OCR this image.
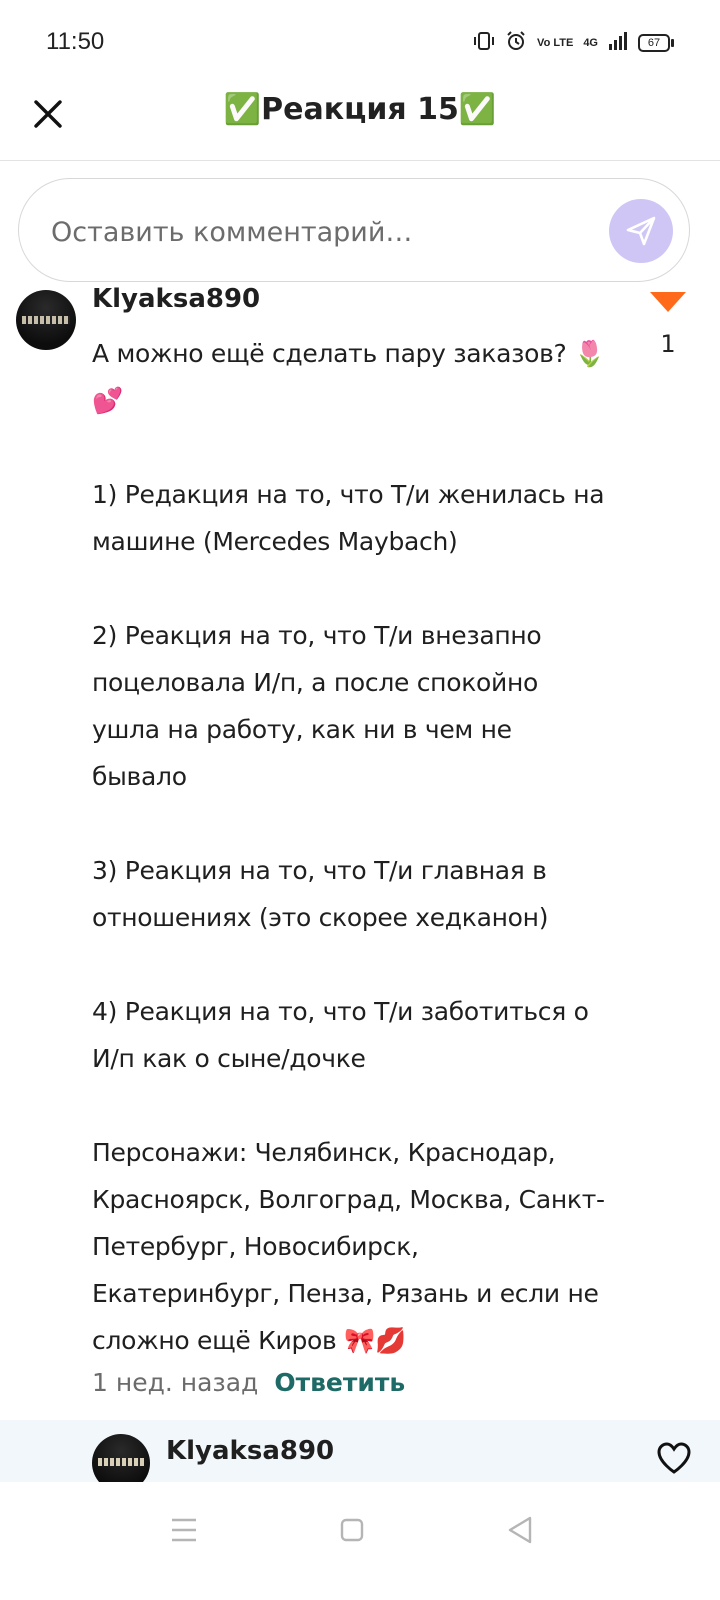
11:50	Vo LTE 4G	67
✅Реакция 15✅
Оставить комментарий…
Klyaksa890
А можно ещё сделать пару заказов? 🌷💕

1) Редакция на то, что Т/и женилась на машине (Mercedes Maybach)

2) Реакция на то, что Т/и внезапно поцеловала И/п, а после спокойно ушла на работу, как ни в чем не бывало

3) Реакция на то, что Т/и главная в отношениях (это скорее хедканон)

4) Реакция на то, что Т/и заботиться о И/п как о сыне/дочке

Персонажи: Челябинск, Краснодар, Красноярск, Волгоград, Москва, Санкт-Петербург, Новосибирск, Екатеринбург, Пенза, Рязань и если не сложно ещё Киров 🎀💋
1
1 нед. назад Ответить
Klyaksa890
